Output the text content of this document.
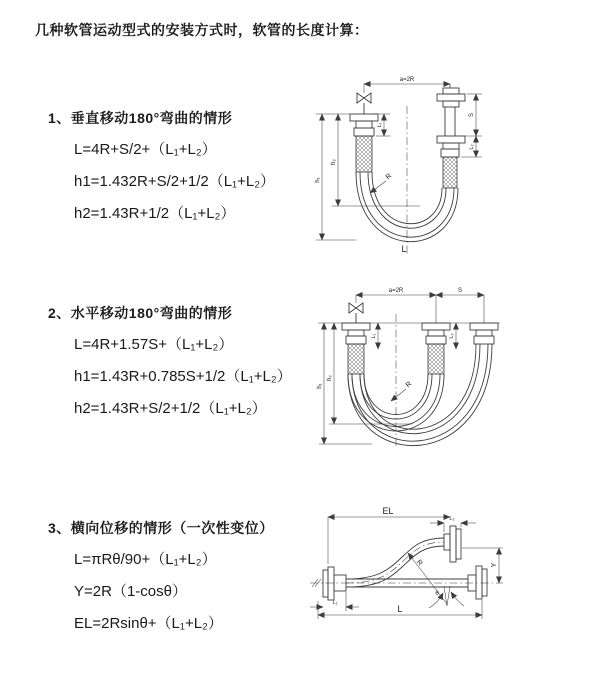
几种软管运动型式的安装方式时，软管的长度计算：
1、垂直移动180°弯曲的情形
L=4R+S/2+（L₁+L₂）
h1=1.432R+S/2+1/2（L₁+L₂）
h2=1.43R+1/2（L₁+L₂）
2、水平移动180°弯曲的情形
L=4R+1.57S+（L₁+L₂）
h1=1.43R+0.785S+1/2（L₁+L₂）
h2=1.43R+S/2+1/2（L₁+L₂）
3、横向位移的情形（一次性变位）
L=πRθ/90+（L₁+L₂）
Y=2R（1-cosθ）
EL=2Rsinθ+（L₁+L₂）
a=2R
h₁
h₂
L₁
S
L₂
R
L
a=2R	S
h₁
h₂
L₁	L₂
R
EL
L₂
Y
L
L₁
R
θ
